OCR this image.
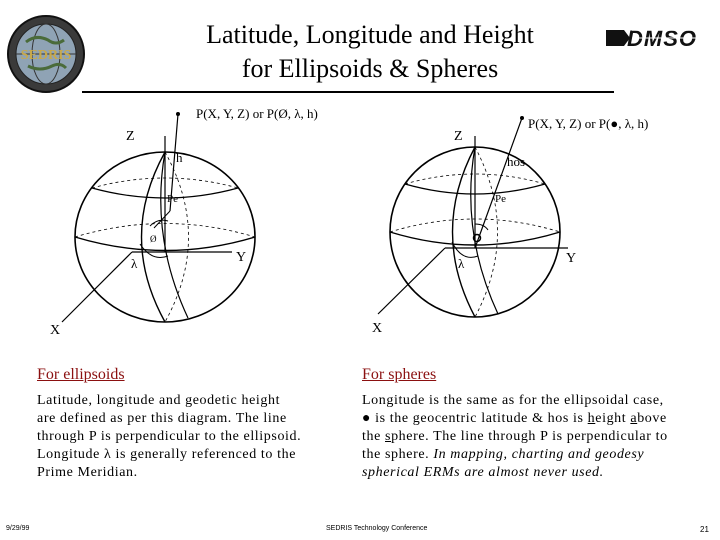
Latitude, Longitude and Height
for Ellipsoids & Spheres
SEDRIS
DMSO
P(X, Y, Z) or P(Ø, λ, h)
Z
h
Pe
Ø
λ	Y
X
P(X, Y, Z) or P(●, λ, h)
Z
hos
Pe
λ	Y
X
For ellipsoids
Latitude, longitude and geodetic height
are defined as per this diagram. The line
through P is perpendicular to the ellipsoid.
Longitude λ is generally referenced to the
Prime Meridian.
For spheres
Longitude is the same as for the ellipsoidal case,
● is the geocentric latitude & hos is height above
the sphere. The line through P is perpendicular to
the sphere. In mapping, charting and geodesy
spherical ERMs are almost never used.
9/29/99	SEDRIS Technology Conference	21
